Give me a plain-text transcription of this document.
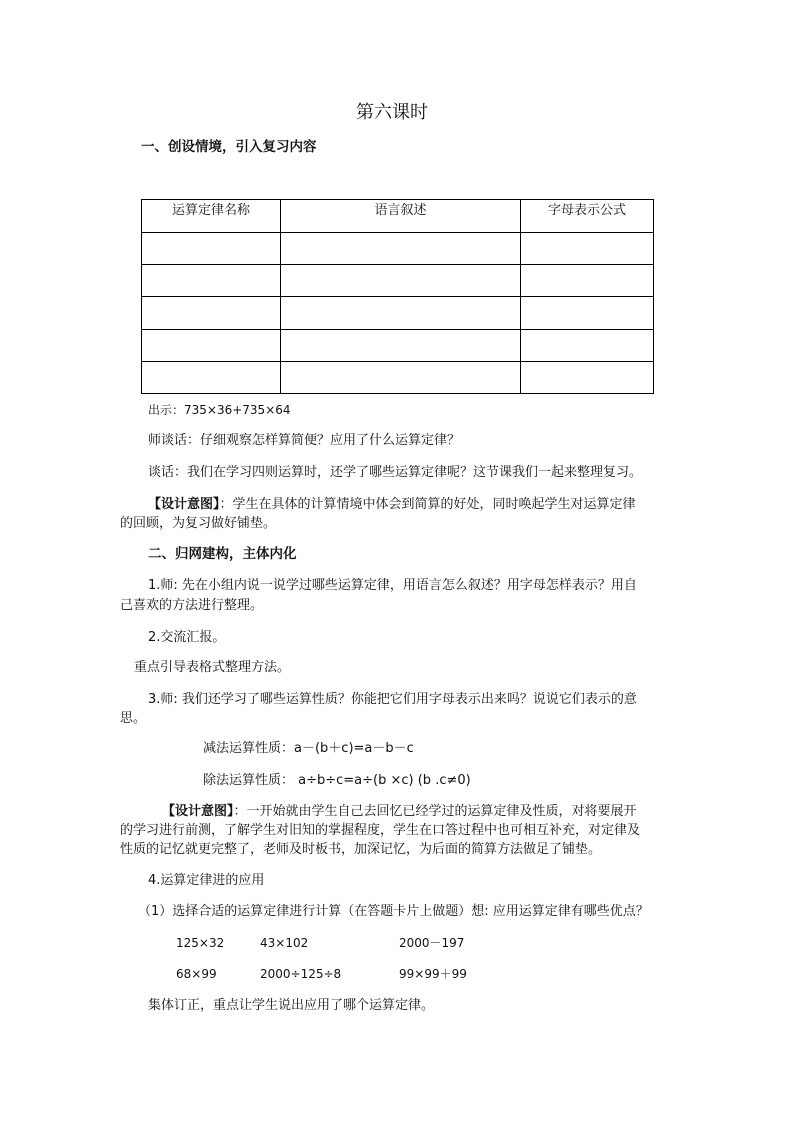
第六课时
一、创设情境，引入复习内容
运算定律名称	语言叙述	字母表示公式

出示：735×36+735×64
师谈话：仔细观察怎样算简便？应用了什么运算定律？
谈话：我们在学习四则运算时，还学了哪些运算定律呢？这节课我们一起来整理复习。
【设计意图】：学生在具体的计算情境中体会到简算的好处，同时唤起学生对运算定律
的回顾，为复习做好铺垫。
二、归网建构，主体内化
1.师: 先在小组内说一说学过哪些运算定律，用语言怎么叙述？用字母怎样表示？用自
己喜欢的方法进行整理。
2.交流汇报。
重点引导表格式整理方法。
3.师: 我们还学习了哪些运算性质？你能把它们用字母表示出来吗？说说它们表示的意
思。
减法运算性质：a－(b＋c)=a－b－c
除法运算性质： a÷b÷c=a÷(b ×c) (b .c≠0)
【设计意图】：一开始就由学生自己去回忆已经学过的运算定律及性质，对将要展开
的学习进行前测，了解学生对旧知的掌握程度，学生在口答过程中也可相互补充，对定律及
性质的记忆就更完整了，老师及时板书，加深记忆，为后面的简算方法做足了铺垫。
4.运算定律进的应用
（1）选择合适的运算定律进行计算（在答题卡片上做题）想: 应用运算定律有哪些优点？
125×32	43×102	2000－197
68×99	2000÷125÷8	99×99＋99
集体订正，重点让学生说出应用了哪个运算定律。
